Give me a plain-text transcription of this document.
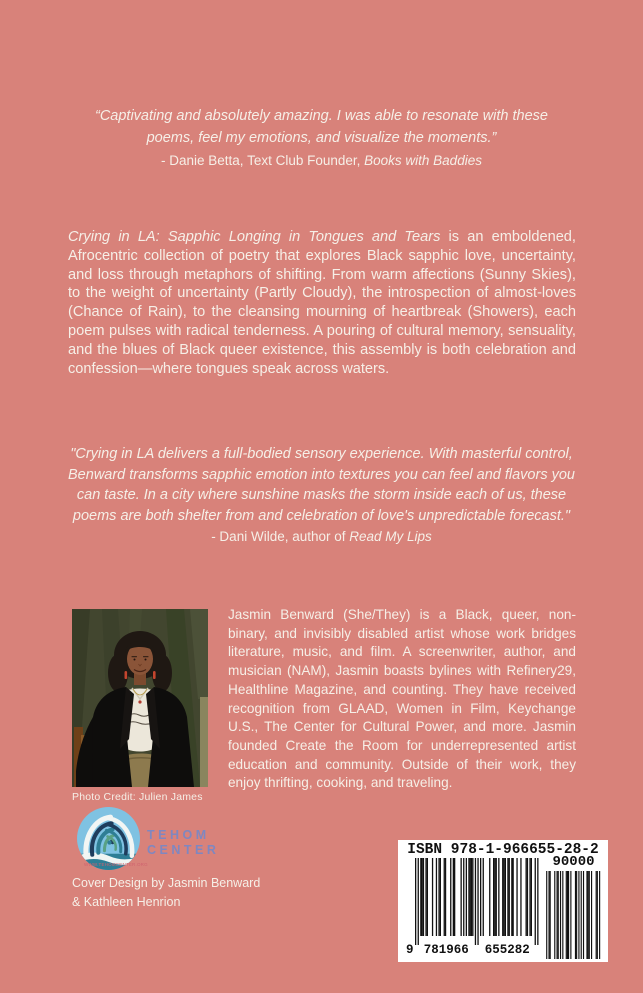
“Captivating and absolutely amazing. I was able to resonate with these poems, feel my emotions, and visualize the moments.”

- Danie Betta, Text Club Founder, Books with Baddies

Crying in LA: Sapphic Longing in Tongues and Tears is an emboldened, Afrocentric collection of poetry that explores Black sapphic love, uncertainty, and loss through metaphors of shifting. From warm affections (Sunny Skies), to the weight of uncertainty (Partly Cloudy), the introspection of almost-loves (Chance of Rain), to the cleansing mourning of heartbreak (Showers), each poem pulses with radical tenderness. A pouring of cultural memory, sensuality, and the blues of Black queer existence, this assembly is both celebration and confession—where tongues speak across waters.

"Crying in LA delivers a full-bodied sensory experience. With masterful control, Benward transforms sapphic emotion into textures you can feel and flavors you can taste. In a city where sunshine masks the storm inside each of us, these poems are both shelter from and celebration of love's unpredictable forecast."

- Dani Wilde, author of Read My Lips

Jasmin Benward (She/They) is a Black, queer, non-binary, and invisibly disabled artist whose work bridges literature, music, and film. A screenwriter, author, and musician (NAM), Jasmin boasts bylines with Refinery29, Healthline Magazine, and counting. They have received recognition from GLAAD, Women in Film, Keychange U.S., The Center for Cultural Power, and more. Jasmin founded Create the Room for underrepresented artist education and community. Outside of their work, they enjoy thrifting, cooking, and traveling.

Photo Credit: Julien James

TEHOM
CENTER
WWW.TEHOMCENTER.ORG

Cover Design by Jasmin Benward
& Kathleen Henrion

ISBN 978-1-966655-28-2
9 781966 655282
90000
